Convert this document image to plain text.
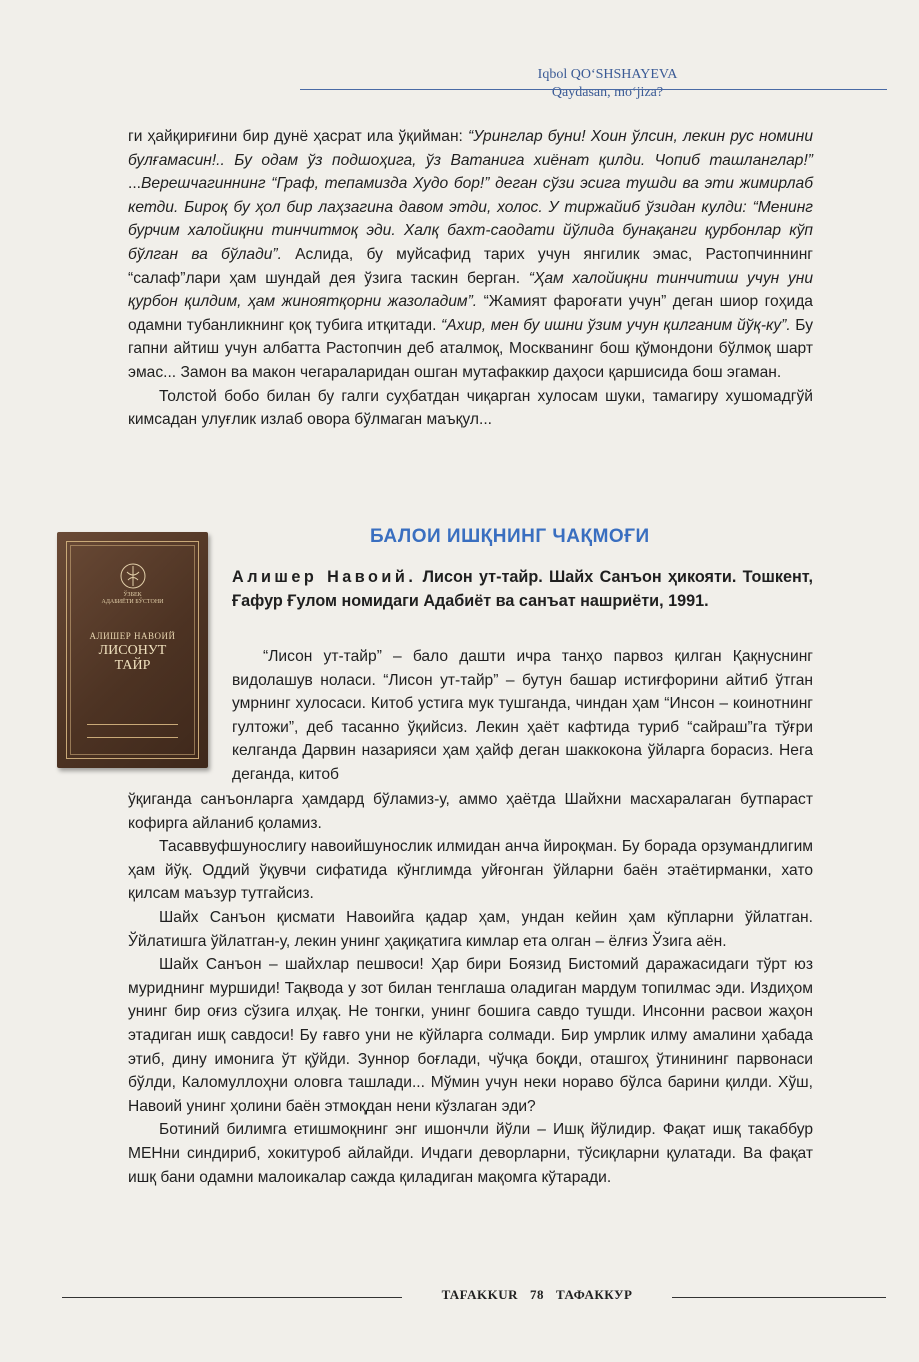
Iqbol QO‘SHSHAYEVA
Qaydasan, mo‘jiza?

ги ҳайқириғини бир дунё ҳасрат ила ўқийман: “Уринглар буни! Хоин ўлсин, лекин рус номини булғамасин!.. Бу одам ўз подшоҳига, ўз Ватанига хиёнат қилди. Чопиб ташланглар!” ...Верешчагиннинг “Граф, тепамизда Худо бор!” деган сўзи эсига тушди ва эти жимирлаб кетди. Бироқ бу ҳол бир лаҳзагина давом этди, холос. У тиржайиб ўзидан кулди: “Менинг бурчим халойиқни тинчитмоқ эди. Халқ бахт-саодати йўлида бунақанги қурбонлар кўп бўлган ва бўлади”. Аслида, бу муйсафид тарих учун янгилик эмас, Растопчиннинг “салаф”лари ҳам шундай дея ўзига таскин берган. “Ҳам халойиқни тинчитиш учун уни қурбон қилдим, ҳам жиноятқорни жазоладим”. “Жамият фароғати учун” деган шиор гоҳида одамни тубанликнинг қоқ тубига итқитади. “Ахир, мен бу ишни ўзим учун қилганим йўқ-ку”. Бу гапни айтиш учун албатта Растопчин деб аталмоқ, Москванинг бош қўмондони бўлмоқ шарт эмас... Замон ва макон чегараларидан ошган мутафаккир даҳоси қаршисида бош эгаман.

Толстой бобо билан бу галги суҳбатдан чиқарган хулосам шуки, тамагиру хушомадгўй кимсадан улуғлик излаб овора бўлмаган маъқул...

БАЛОИ ИШҚНИНГ ЧАҚМОҒИ
ЎЗБЕК
АДАБИЁТИ БЎСТОНИ
АЛИШЕР НАВОИЙ
ЛИСОНУТ
ТАЙР
Алишер Навоий. Лисон ут-тайр. Шайх Санъон ҳикояти. Тошкент, Ғафур Ғулом номидаги Адабиёт ва санъат нашриёти, 1991.

“Лисон ут-тайр” – бало дашти ичра танҳо парвоз қилган Қақнуснинг видолашув ноласи. “Лисон ут-тайр” – бутун башар истиғфорини айтиб ўтган умрнинг хулосаси. Китоб устига мук тушганда, чиндан ҳам “Инсон – коинотнинг гултожи”, деб тасанно ўқийсиз. Лекин ҳаёт кафтида туриб “сайраш”га тўғри келганда Дарвин назарияси ҳам ҳайф деган шаккокона ўйларга борасиз. Нега деганда, китоб

ўқиганда санъонларга ҳамдард бўламиз-у, аммо ҳаётда Шайхни масхаралаган бутпараст кофирга айланиб қоламиз.

Тасаввуфшунослигу навоийшунослик илмидан анча йироқман. Бу борада орзумандлигим ҳам йўқ. Оддий ўқувчи сифатида кўнглимда уйғонган ўйларни баён этаётирманки, хато қилсам маъзур тутгайсиз.

Шайх Санъон қисмати Навоийга қадар ҳам, ундан кейин ҳам кўпларни ўйлатган. Ўйлатишга ўйлатган-у, лекин унинг ҳақиқатига кимлар ета олган – ёлғиз Ўзига аён.

Шайх Санъон – шайхлар пешвоси! Ҳар бири Боязид Бистомий даражасидаги тўрт юз муриднинг муршиди! Тақводa у зот билан тенглаша оладиган мардум топилмас эди. Издиҳом унинг бир оғиз сўзига илҳақ. Не тонгки, унинг бошига савдо тушди. Инсонни расвои жаҳон этадиган ишқ савдоси! Бу ғавғо уни не кўйларга солмади. Бир умрлик илму амалини ҳабада этиб, дину имонига ўт қўйди. Зуннор боғлади, чўчқа боқди, оташгоҳ ўтинининг парвонаси бўлди, Каломуллоҳни оловга ташлади... Мўмин учун неки нораво бўлса барини қилди. Хўш, Навоий унинг ҳолини баён этмоқдан нени кўзлаган эди?

Ботиний билимга етишмоқнинг энг ишончли йўли – Ишқ йўлидир. Фақат ишқ такаббур МЕНни синдириб, хокитуроб айлайди. Ичдаги деворларни, тўсиқларни қулатади. Ва фақат ишқ бани одамни малоикалар сажда қиладиган мақомга кўтаради.

TAFAKKUR 78 ТАФАККУР
